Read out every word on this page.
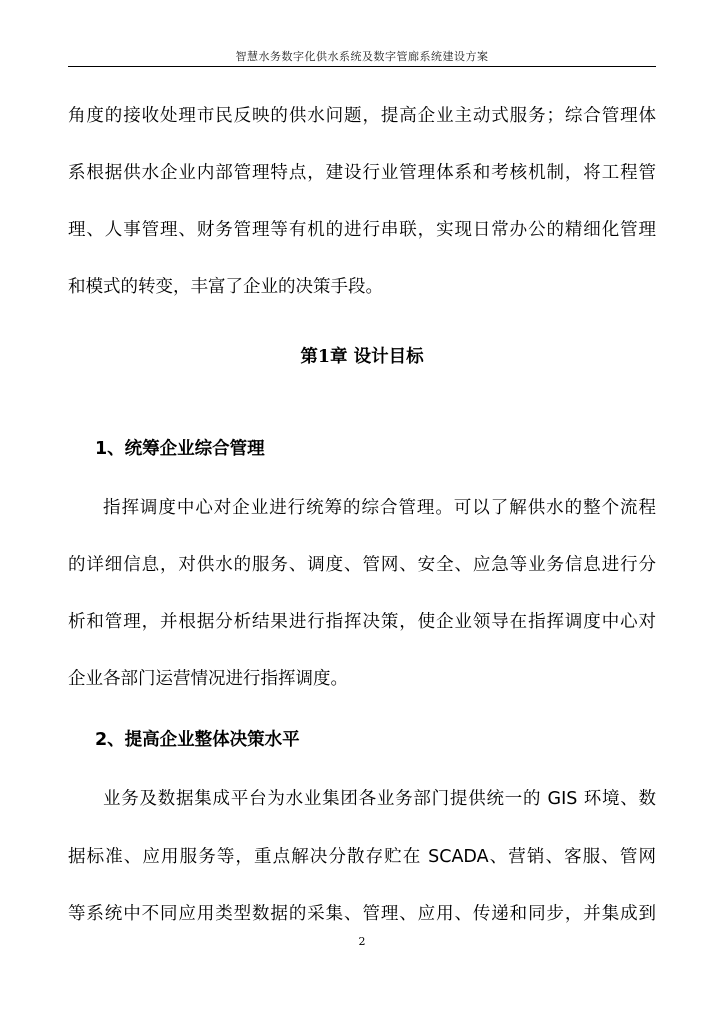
智慧水务数字化供水系统及数字管廊系统建设方案
角度的接收处理市民反映的供水问题，提高企业主动式服务；综合管理体
系根据供水企业内部管理特点，建设行业管理体系和考核机制，将工程管
理、人事管理、财务管理等有机的进行串联，实现日常办公的精细化管理
和模式的转变，丰富了企业的决策手段。
第1章 设计目标
1、统筹企业综合管理
指挥调度中心对企业进行统筹的综合管理。可以了解供水的整个流程
的详细信息，对供水的服务、调度、管网、安全、应急等业务信息进行分
析和管理，并根据分析结果进行指挥决策，使企业领导在指挥调度中心对
企业各部门运营情况进行指挥调度。
2、提高企业整体决策水平
业务及数据集成平台为水业集团各业务部门提供统一的 GIS 环境、数
据标准、应用服务等，重点解决分散存贮在 SCADA、营销、客服、管网
等系统中不同应用类型数据的采集、管理、应用、传递和同步，并集成到
2
